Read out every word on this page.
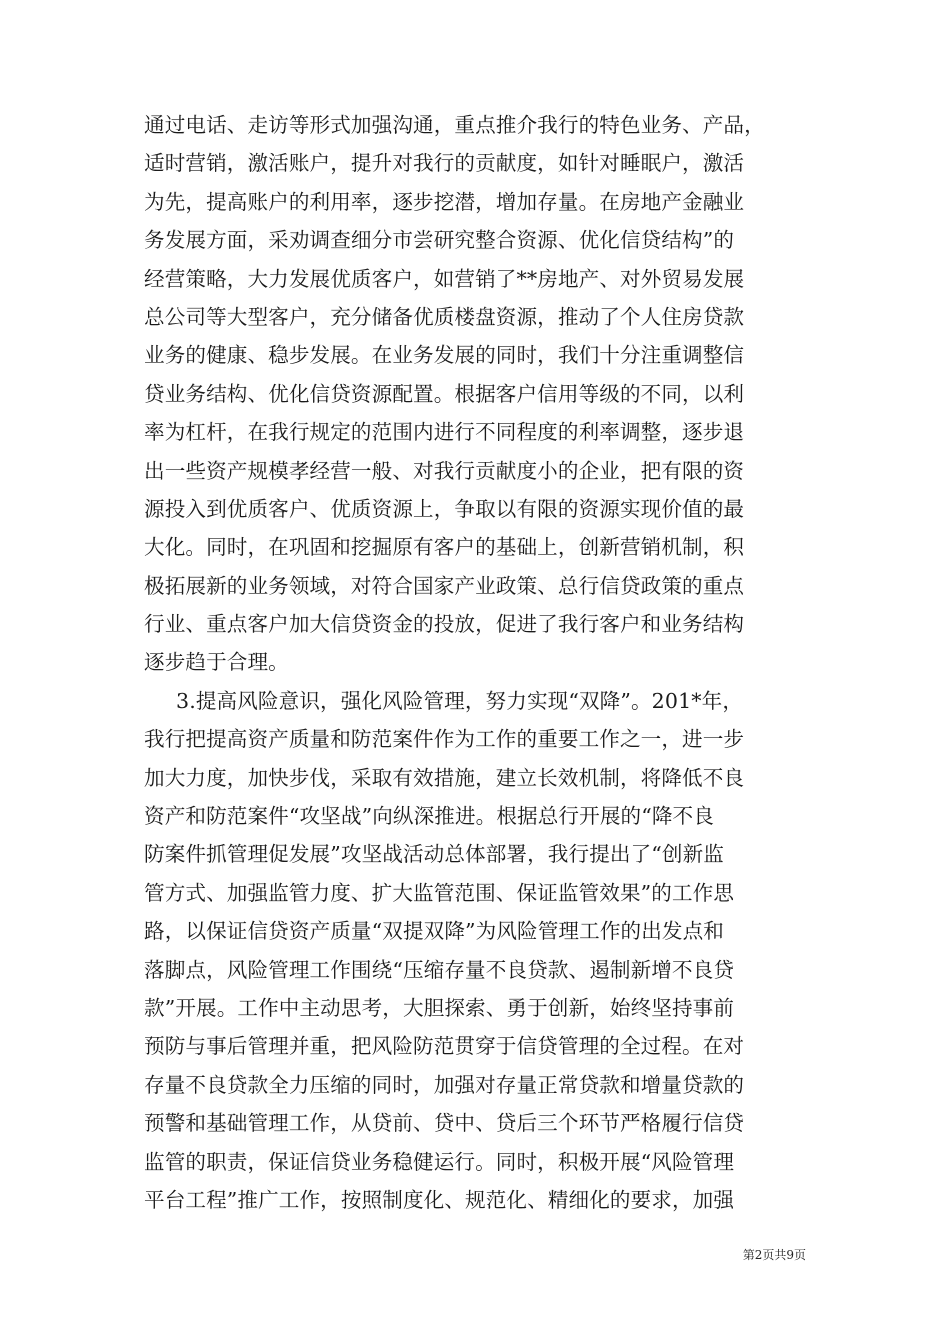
通过电话、走访等形式加强沟通，重点推介我行的特色业务、产品，
适时营销，激活账户，提升对我行的贡献度，如针对睡眠户，激活
为先，提高账户的利用率，逐步挖潜，增加存量。在房地产金融业
务发展方面，采劝调查细分市尝研究整合资源、优化信贷结构”的
经营策略，大力发展优质客户，如营销了**房地产、对外贸易发展
总公司等大型客户，充分储备优质楼盘资源，推动了个人住房贷款
业务的健康、稳步发展。在业务发展的同时，我们十分注重调整信
贷业务结构、优化信贷资源配置。根据客户信用等级的不同，以利
率为杠杆，在我行规定的范围内进行不同程度的利率调整，逐步退
出一些资产规模孝经营一般、对我行贡献度小的企业，把有限的资
源投入到优质客户、优质资源上，争取以有限的资源实现价值的最
大化。同时，在巩固和挖掘原有客户的基础上，创新营销机制，积
极拓展新的业务领域，对符合国家产业政策、总行信贷政策的重点
行业、重点客户加大信贷资金的投放，促进了我行客户和业务结构
逐步趋于合理。
3.提高风险意识，强化风险管理，努力实现“双降”。201*年，
我行把提高资产质量和防范案件作为工作的重要工作之一，进一步
加大力度，加快步伐，采取有效措施，建立长效机制，将降低不良
资产和防范案件“攻坚战”向纵深推进。根据总行开展的“降不良
防案件抓管理促发展”攻坚战活动总体部署，我行提出了“创新监
管方式、加强监管力度、扩大监管范围、保证监管效果”的工作思
路，以保证信贷资产质量“双提双降”为风险管理工作的出发点和
落脚点，风险管理工作围绕“压缩存量不良贷款、遏制新增不良贷
款”开展。工作中主动思考，大胆探索、勇于创新，始终坚持事前
预防与事后管理并重，把风险防范贯穿于信贷管理的全过程。在对
存量不良贷款全力压缩的同时，加强对存量正常贷款和增量贷款的
预警和基础管理工作，从贷前、贷中、贷后三个环节严格履行信贷
监管的职责，保证信贷业务稳健运行。同时，积极开展“风险管理
平台工程”推广工作，按照制度化、规范化、精细化的要求，加强
第2页共9页
